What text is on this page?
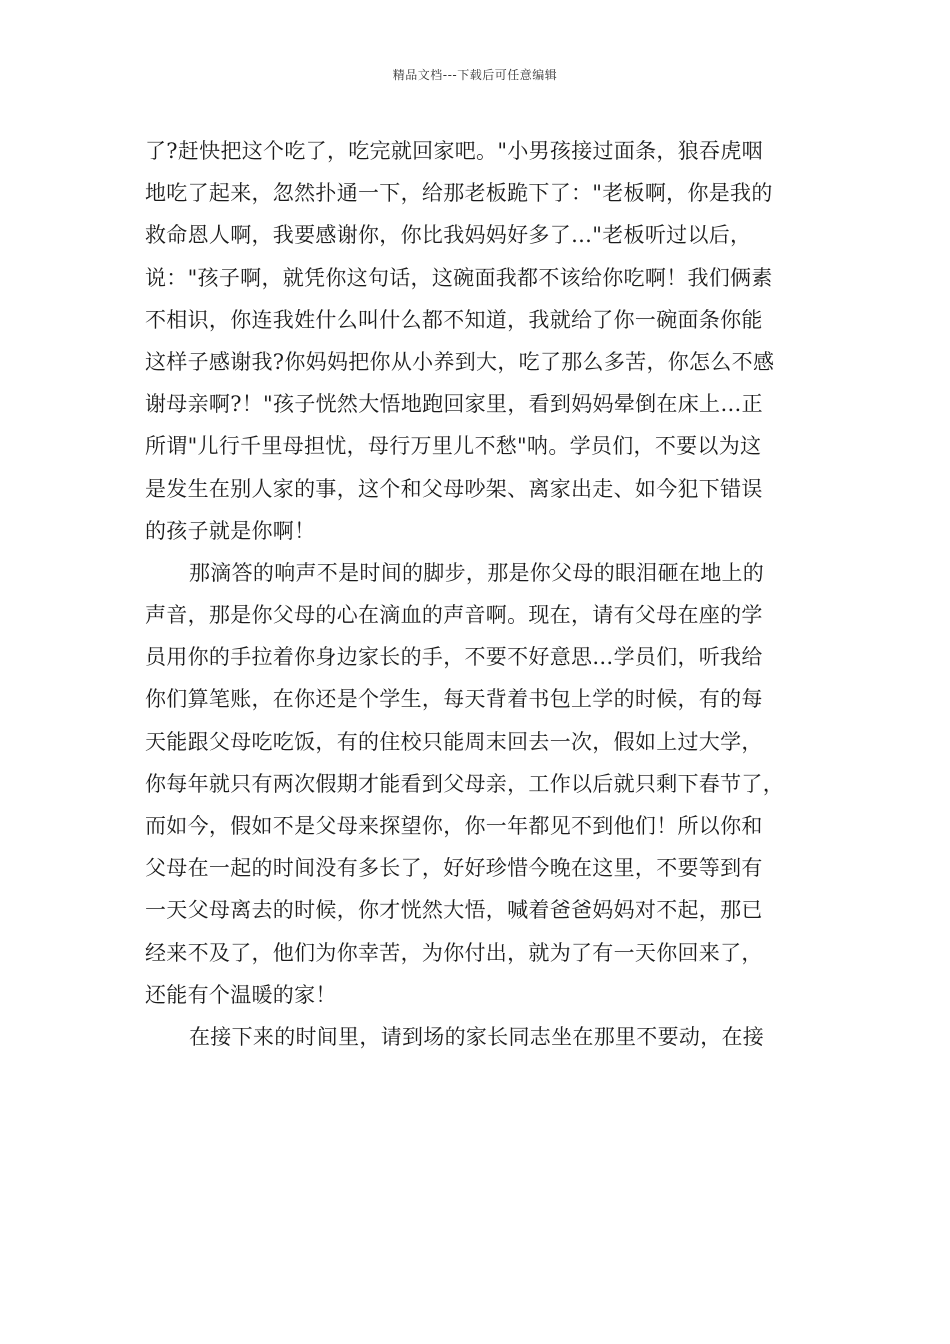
精品文档---下载后可任意编辑
了?赶快把这个吃了，吃完就回家吧。"小男孩接过面条，狼吞虎咽
地吃了起来，忽然扑通一下，给那老板跪下了："老板啊，你是我的
救命恩人啊，我要感谢你，你比我妈妈好多了…"老板听过以后，
说："孩子啊，就凭你这句话，这碗面我都不该给你吃啊！我们俩素
不相识，你连我姓什么叫什么都不知道，我就给了你一碗面条你能
这样子感谢我?你妈妈把你从小养到大，吃了那么多苦，你怎么不感
谢母亲啊?！"孩子恍然大悟地跑回家里，看到妈妈晕倒在床上…正
所谓"儿行千里母担忧，母行万里儿不愁"呐。学员们，不要以为这
是发生在别人家的事，这个和父母吵架、离家出走、如今犯下错误
的孩子就是你啊！
那滴答的响声不是时间的脚步，那是你父母的眼泪砸在地上的
声音，那是你父母的心在滴血的声音啊。现在，请有父母在座的学
员用你的手拉着你身边家长的手，不要不好意思…学员们，听我给
你们算笔账，在你还是个学生，每天背着书包上学的时候，有的每
天能跟父母吃吃饭，有的住校只能周末回去一次，假如上过大学，
你每年就只有两次假期才能看到父母亲，工作以后就只剩下春节了，
而如今，假如不是父母来探望你，你一年都见不到他们！所以你和
父母在一起的时间没有多长了，好好珍惜今晚在这里，不要等到有
一天父母离去的时候，你才恍然大悟，喊着爸爸妈妈对不起，那已
经来不及了，他们为你幸苦，为你付出，就为了有一天你回来了，
还能有个温暖的家！
在接下来的时间里，请到场的家长同志坐在那里不要动，在接
